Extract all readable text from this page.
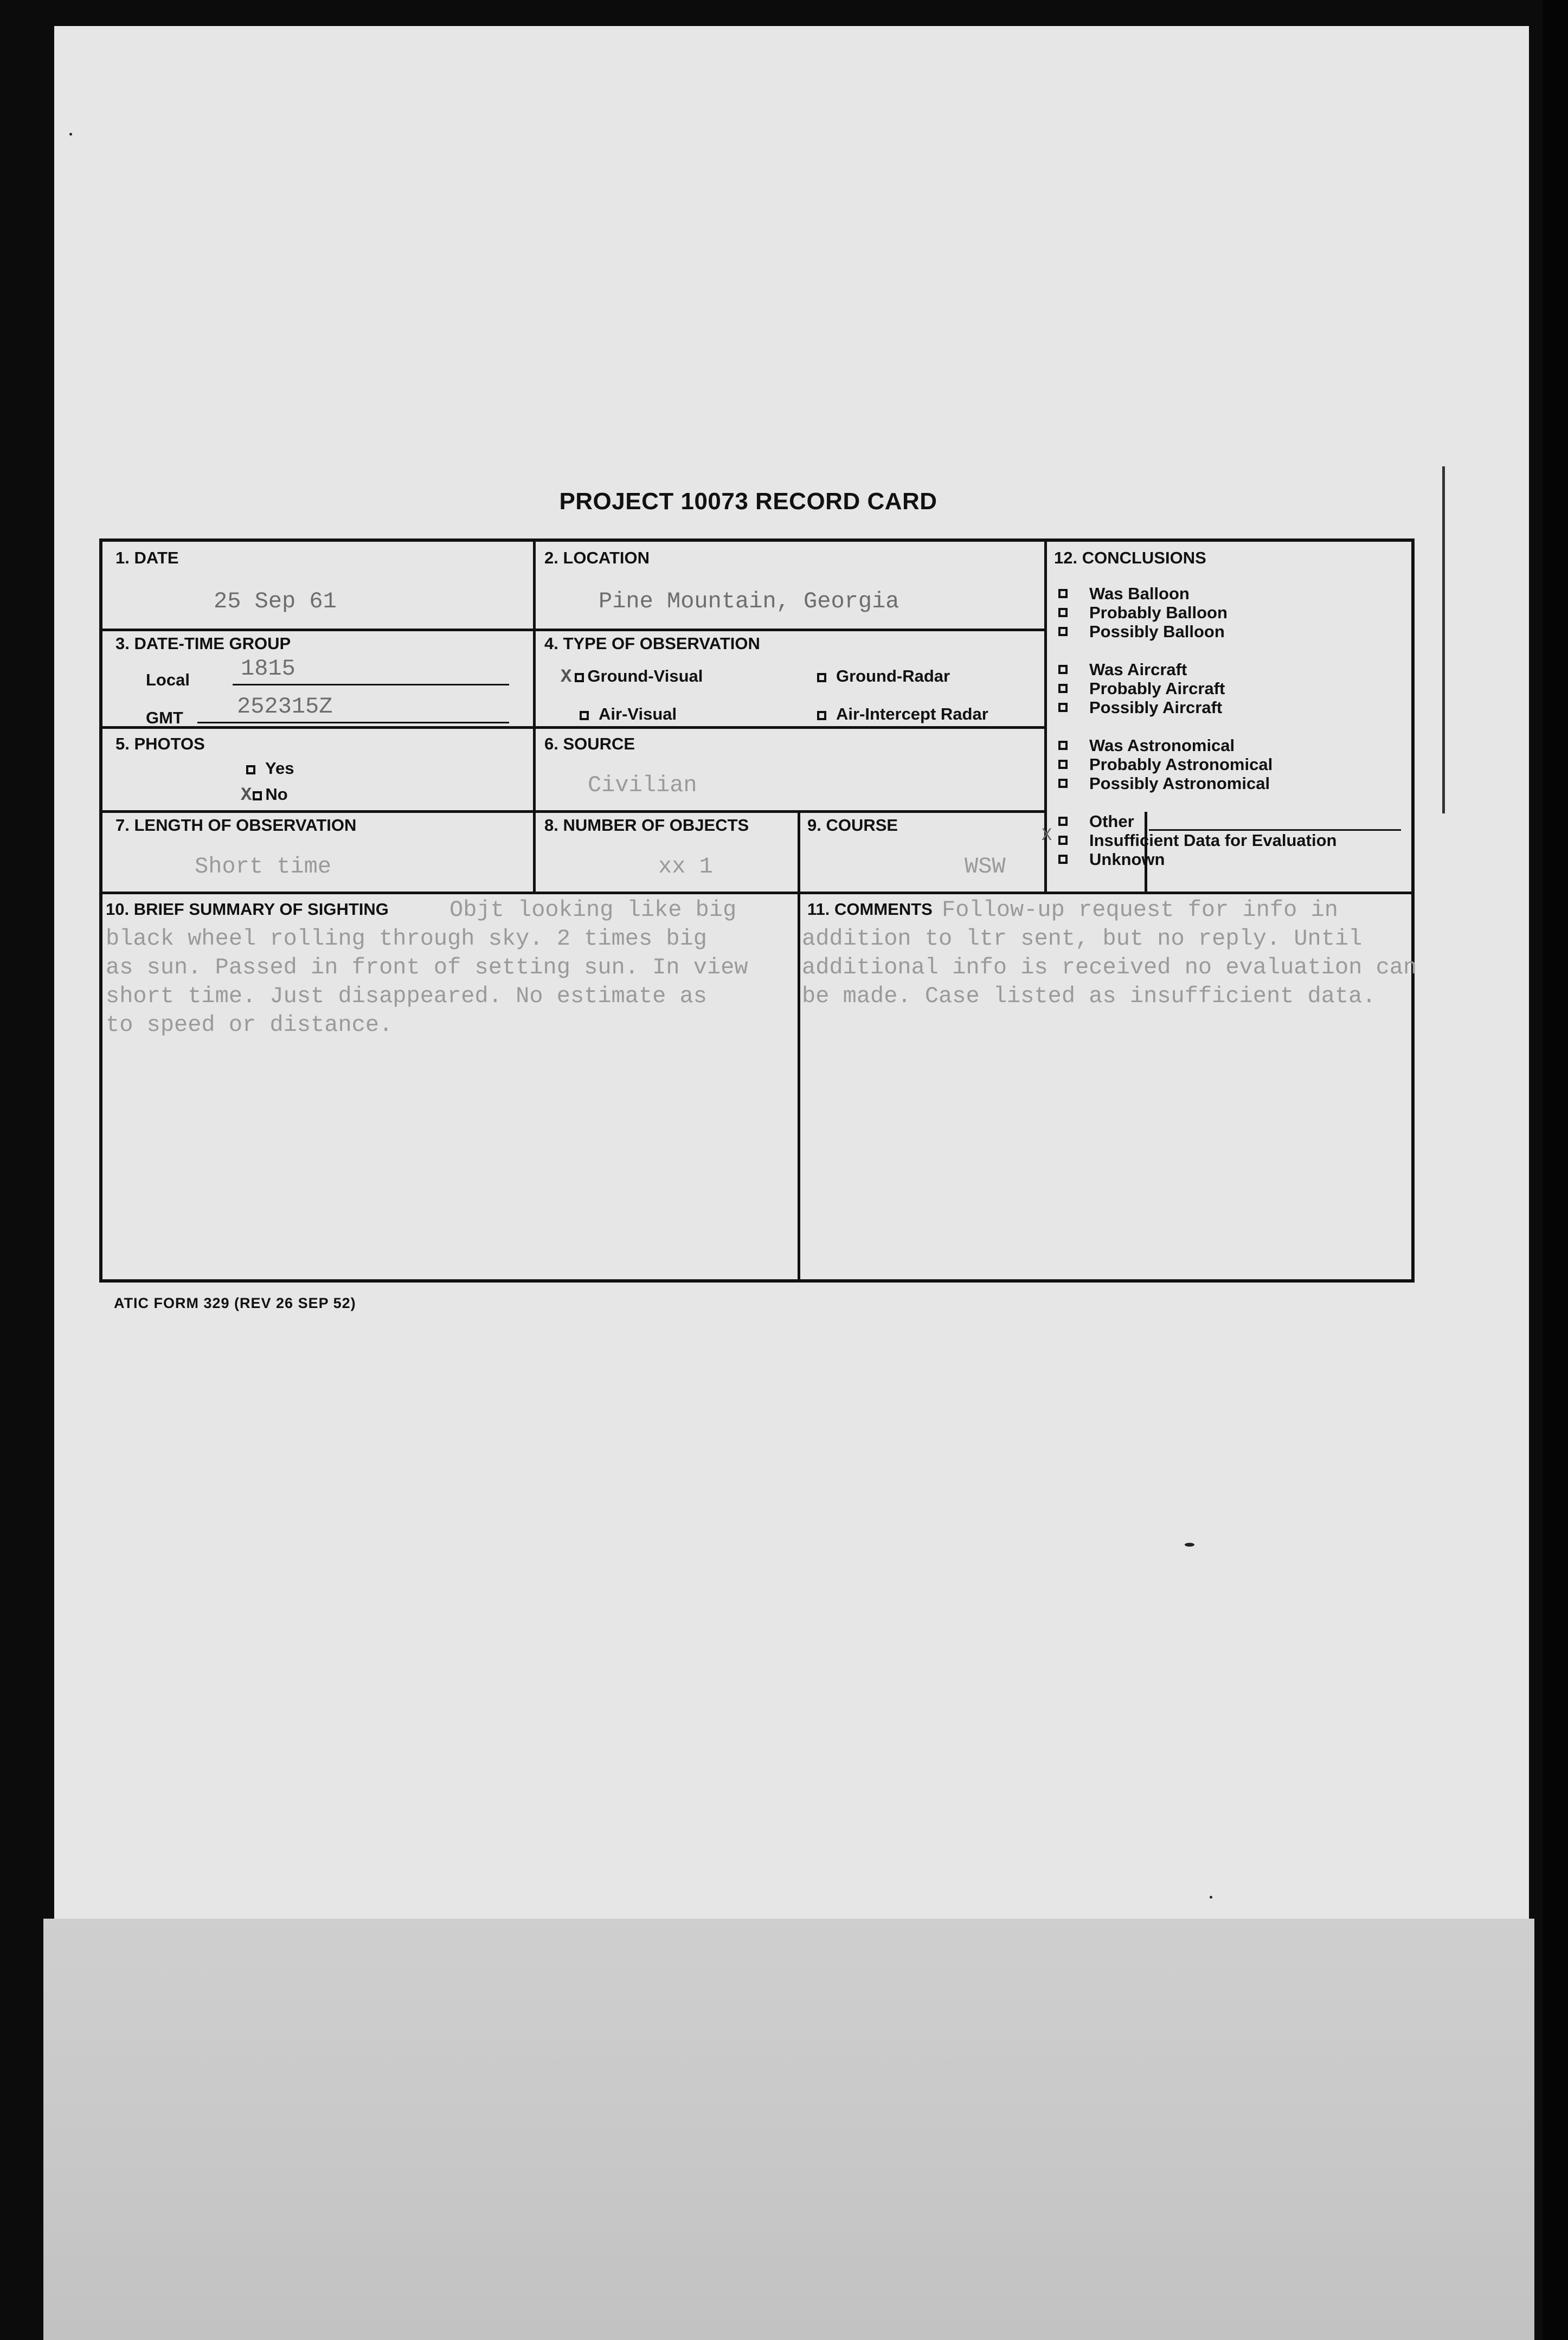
PROJECT 10073 RECORD CARD
1. DATE
25 Sep 61
2. LOCATION
Pine Mountain, Georgia
3. DATE-TIME GROUP
Local 1815
GMT 252315Z
4. TYPE OF OBSERVATION
X Ground-Visual	Ground-Radar
Air-Visual	Air-Intercept Radar
5. PHOTOS
Yes
X No
6. SOURCE
Civilian
7. LENGTH OF OBSERVATION
Short time
8. NUMBER OF OBJECTS
xx 1
9. COURSE
WSW
10. BRIEF SUMMARY OF SIGHTING	Objt looking like big
black wheel rolling through sky. 2 times big
as sun. Passed in front of setting sun. In view
short time. Just disappeared. No estimate as
to speed or distance.
11. COMMENTS Follow-up request for info in
addition to ltr sent, but no reply. Until
additional info is received no evaluation can
be made. Case listed as insufficient data.
12. CONCLUSIONS
Was Balloon
Probably Balloon
Possibly Balloon
Was Aircraft
Probably Aircraft
Possibly Aircraft
Was Astronomical
Probably Astronomical
Possibly Astronomical
Other
X Insufficient Data for Evaluation
Unknown
ATIC FORM 329 (REV 26 SEP 52)
